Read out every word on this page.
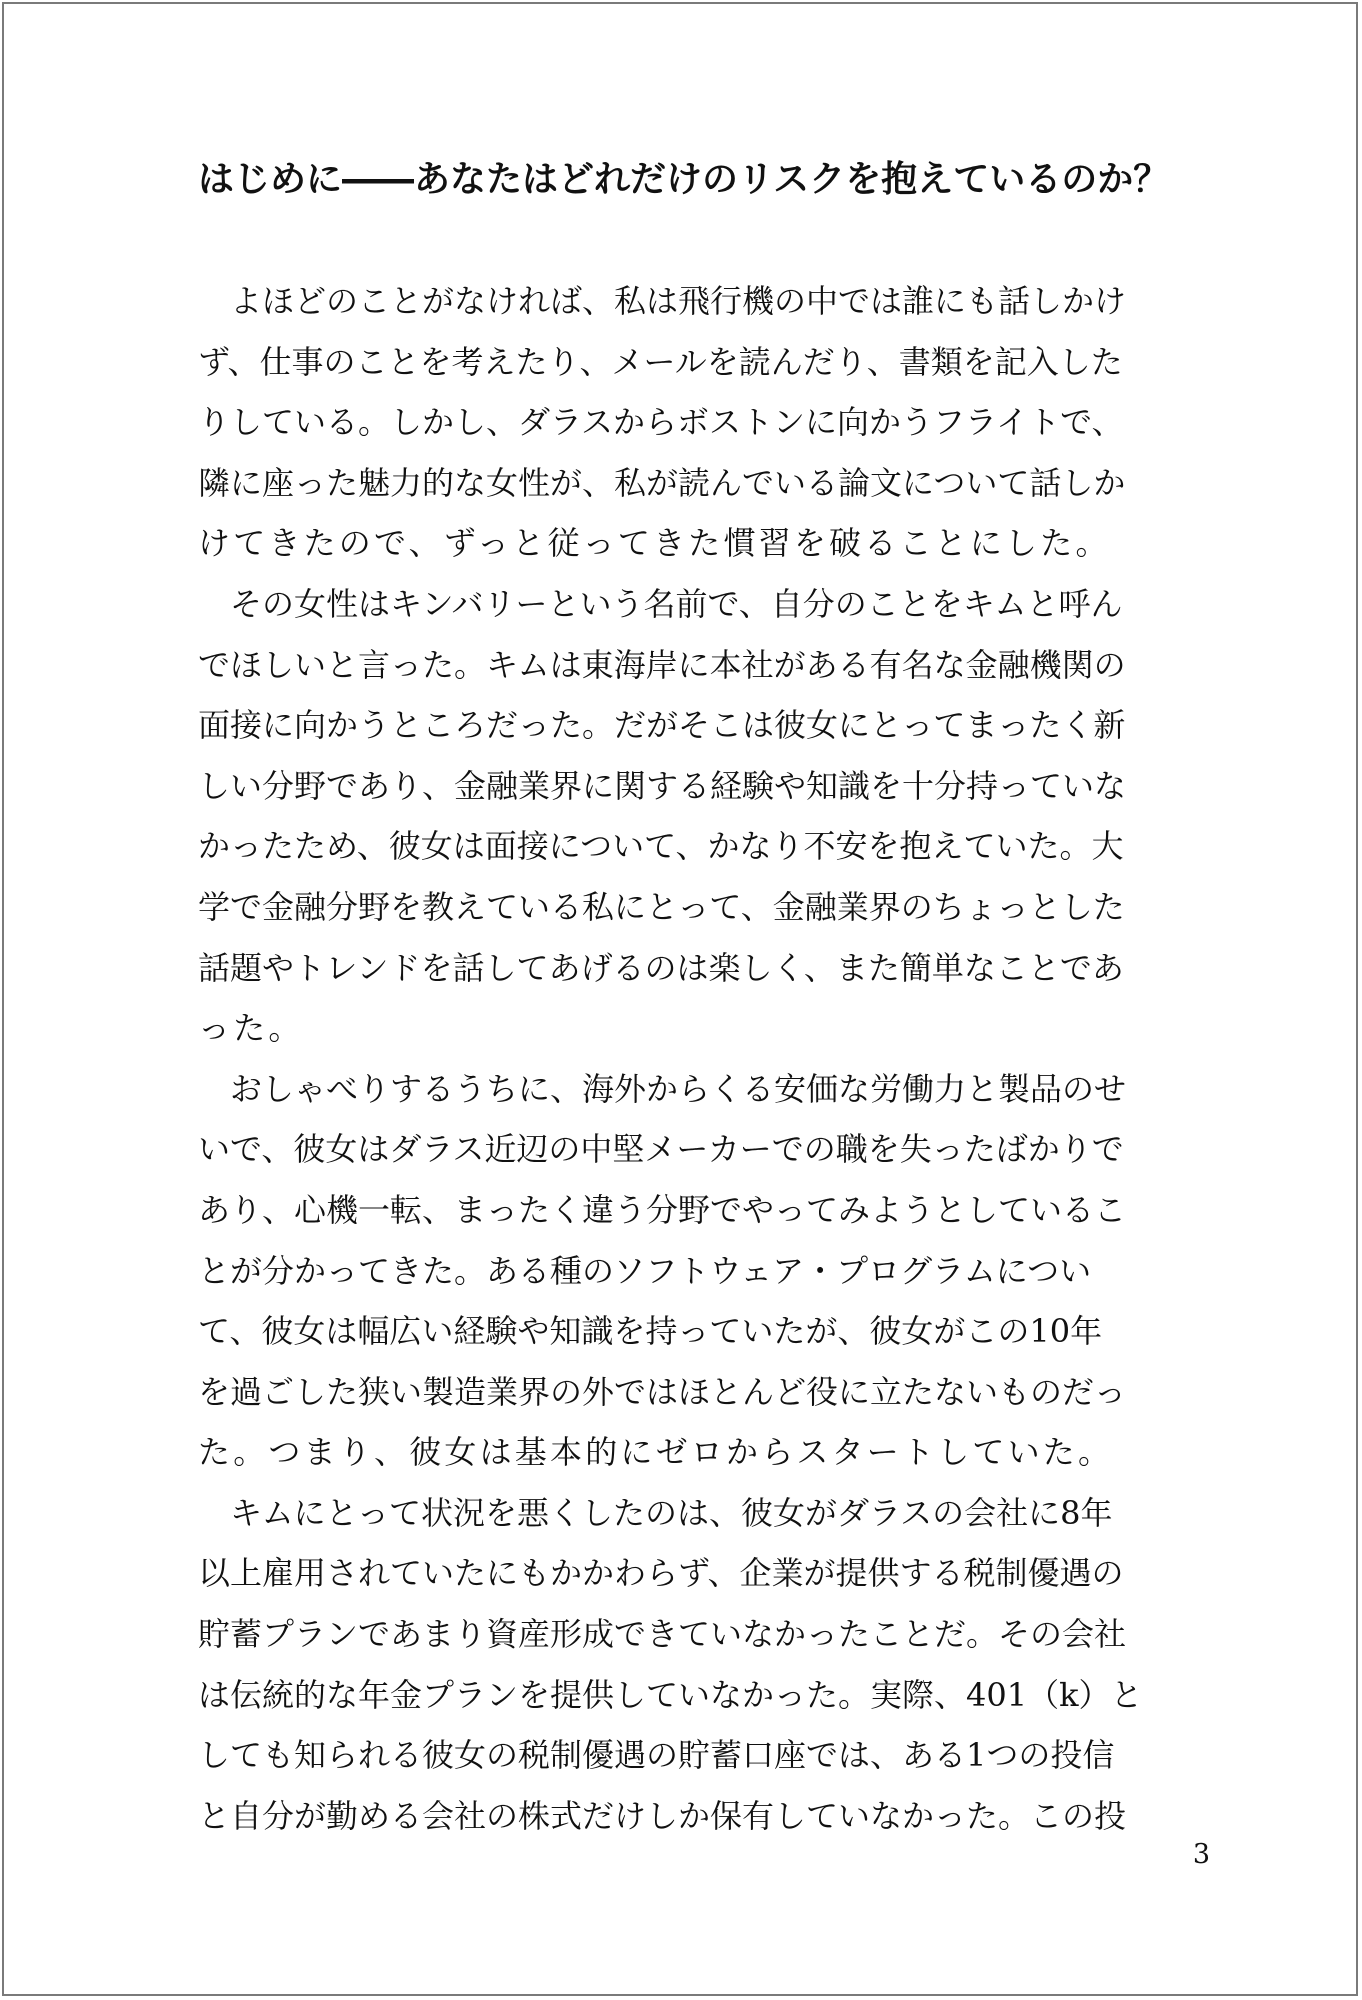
はじめに――あなたはどれだけのリスクを抱えているのか？
　よほどのことがなければ、私は飛行機の中では誰にも話しかけ
ず、仕事のことを考えたり、メールを読んだり、書類を記入した
りしている。しかし、ダラスからボストンに向かうフライトで、
隣に座った魅力的な女性が、私が読んでいる論文について話しか
けてきたので、ずっと従ってきた慣習を破ることにした。
　その女性はキンバリーという名前で、自分のことをキムと呼ん
でほしいと言った。キムは東海岸に本社がある有名な金融機関の
面接に向かうところだった。だがそこは彼女にとってまったく新
しい分野であり、金融業界に関する経験や知識を十分持っていな
かったため、彼女は面接について、かなり不安を抱えていた。大
学で金融分野を教えている私にとって、金融業界のちょっとした
話題やトレンドを話してあげるのは楽しく、また簡単なことであ
った。
　おしゃべりするうちに、海外からくる安価な労働力と製品のせ
いで、彼女はダラス近辺の中堅メーカーでの職を失ったばかりで
あり、心機一転、まったく違う分野でやってみようとしているこ
とが分かってきた。ある種のソフトウェア・プログラムについ
て、彼女は幅広い経験や知識を持っていたが、彼女がこの10年
を過ごした狭い製造業界の外ではほとんど役に立たないものだっ
た。つまり、彼女は基本的にゼロからスタートしていた。
　キムにとって状況を悪くしたのは、彼女がダラスの会社に8年
以上雇用されていたにもかかわらず、企業が提供する税制優遇の
貯蓄プランであまり資産形成できていなかったことだ。その会社
は伝統的な年金プランを提供していなかった。実際、401（k）と
しても知られる彼女の税制優遇の貯蓄口座では、ある1つの投信
と自分が勤める会社の株式だけしか保有していなかった。この投
3
